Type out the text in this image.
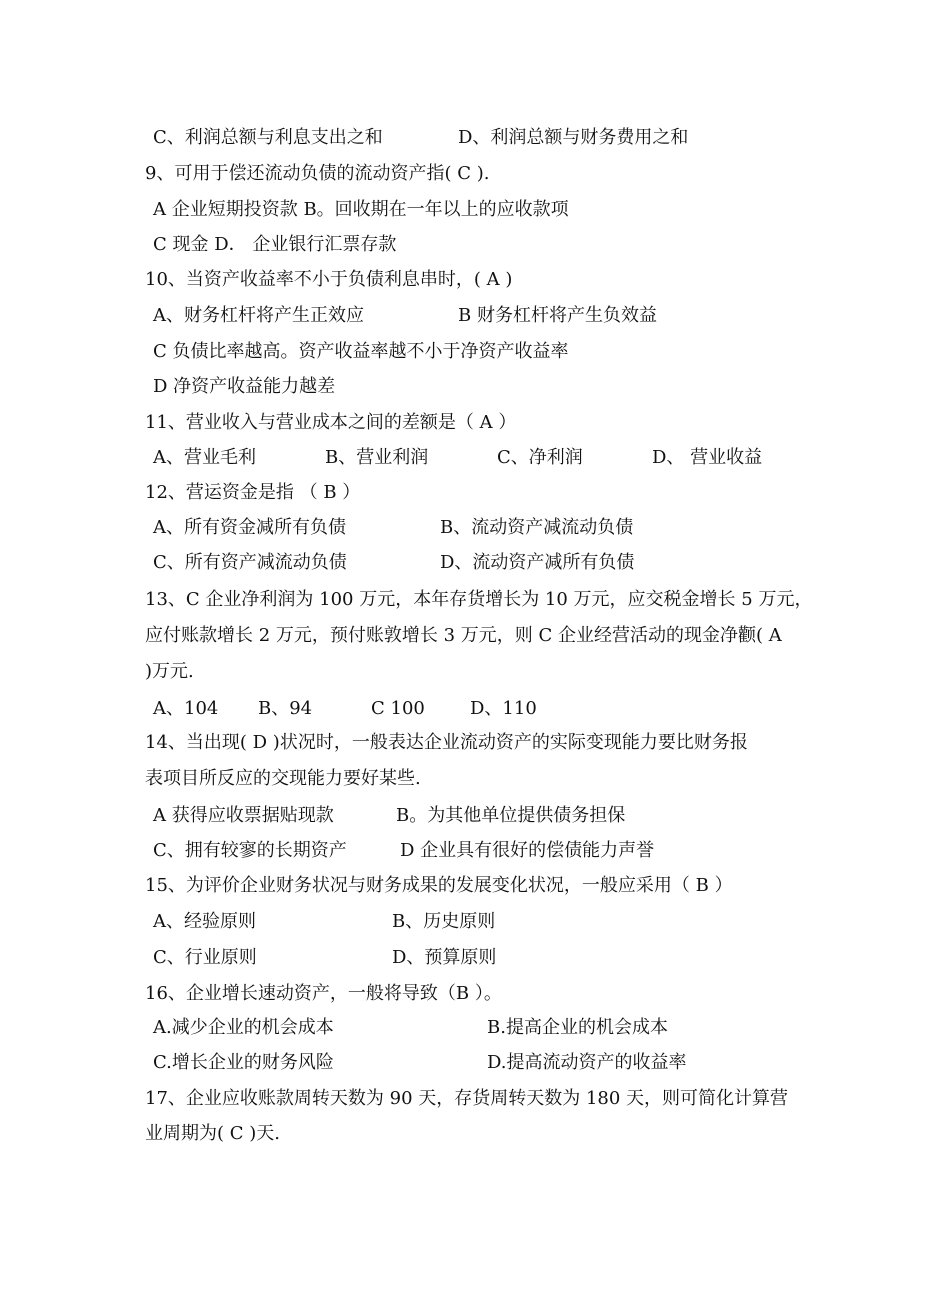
C、利润总额与利息支出之和	D、利润总额与财务费用之和
9、可用于偿还流动负债的流动资产指( C ).
A 企业短期投资款 B。回收期在一年以上的应收款项
C 现金 D． 企业银行汇票存款
10、当资产收益率不小于负债利息串时，( A )
A、财务杠杆将产生正效应	B 财务杠杆将产生负效益
C 负债比率越高。资产收益率越不小于净资产收益率
D 净资产收益能力越差
11、营业收入与营业成本之间的差额是（ A ）
A、营业毛利	B、营业利润	C、净利润	D、 营业收益
12、营运资金是指 （ B ）
A、所有资金减所有负债	B、流动资产减流动负债
C、所有资产减流动负债	D、流动资产减所有负债
13、C 企业净利润为 100 万元，本年存货增长为 10 万元，应交税金增长 5 万元，
应付账款增长 2 万元，预付账敦增长 3 万元，则 C 企业经营活动的现金净颧( A
)万元.
A、104 B、94	C 100	D、110
14、当出现( D )状况时，一般表达企业流动资产的实际变现能力要比财务报
表项目所反应的交现能力要好某些.
A 获得应收票据贴现款	B。为其他单位提供债务担保
C、拥有较寥的长期资产	D 企业具有很好的偿债能力声誉
15、为评价企业财务状况与财务成果的发展变化状况，一般应采用（ B ）
A、经验原则	B、历史原则
C、行业原则	D、预算原则
16、企业增长速动资产，一般将导致（B ）。
A.减少企业的机会成本	B.提高企业的机会成本
C.增长企业的财务风险	D.提高流动资产的收益率
17、企业应收账款周转天数为 90 天，存货周转天数为 180 天，则可简化计算营
业周期为( C )天.
